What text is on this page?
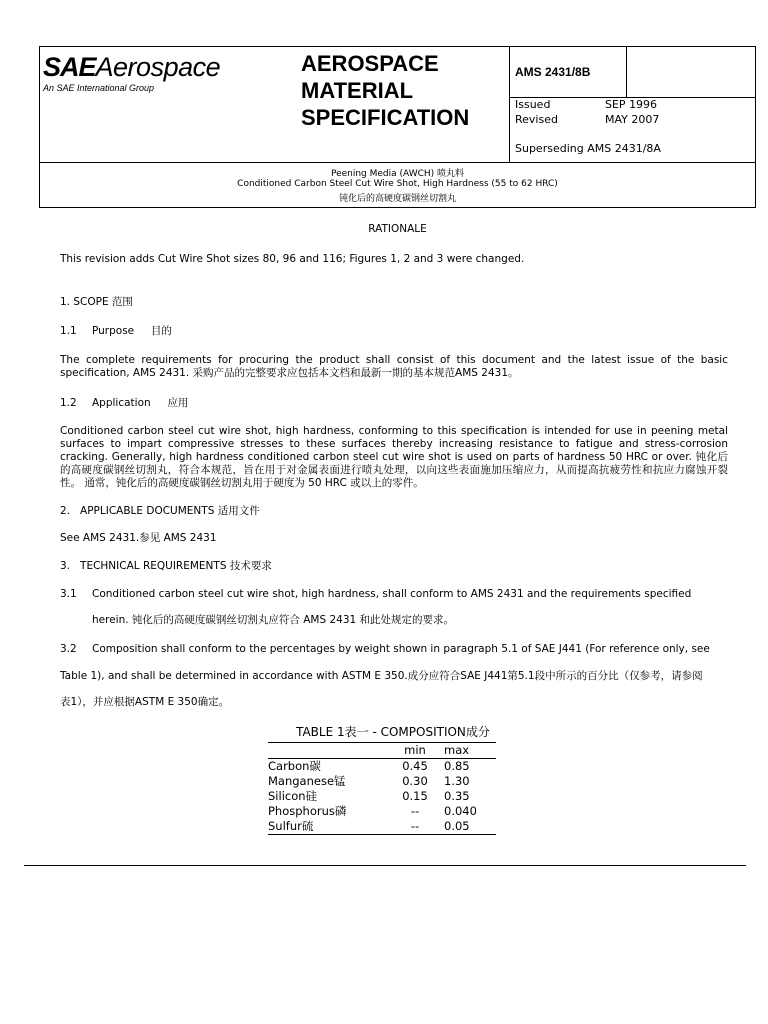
SAEAerospace
An SAE International Group
AEROSPACE
MATERIAL
SPECIFICATION
AMS 2431/8B
Issued	SEP 1996
Revised	MAY 2007
Superseding AMS 2431/8A
Peening Media (AWCH) 喷丸料
Conditioned Carbon Steel Cut Wire Shot, High Hardness (55 to 62 HRC)
钝化后的高硬度碳钢丝切割丸
RATIONALE
This revision adds Cut Wire Shot sizes 80, 96 and 116; Figures 1, 2 and 3 were changed.
1. SCOPE 范围
1.1 Purpose     目的
The complete requirements for procuring the product shall consist of this document and the latest issue of the basic specification, AMS 2431. 采购产品的完整要求应包括本文档和最新一期的基本规范AMS 2431。
1.2 Application     应用
Conditioned carbon steel cut wire shot, high hardness, conforming to this specification is intended for use in peening metal surfaces to impart compressive stresses to these surfaces thereby increasing resistance to fatigue and stress-corrosion cracking. Generally, high hardness conditioned carbon steel cut wire shot is used on parts of hardness 50 HRC or over. 钝化后的高硬度碳钢丝切割丸，符合本规范，旨在用于对金属表面进行喷丸处理，以向这些表面施加压缩应力，从而提高抗疲劳性和抗应力腐蚀开裂性。 通常，钝化后的高硬度碳钢丝切割丸用于硬度为 50 HRC 或以上的零件。
2.   APPLICABLE DOCUMENTS 适用文件
See AMS 2431.参见 AMS 2431
3.   TECHNICAL REQUIREMENTS 技术要求
3.1 Conditioned carbon steel cut wire shot, high hardness, shall conform to AMS 2431 and the requirements specified
herein. 钝化后的高硬度碳钢丝切割丸应符合 AMS 2431 和此处规定的要求。
3.2 Composition shall conform to the percentages by weight shown in paragraph 5.1 of SAE J441 (For reference only, see
Table 1), and shall be determined in accordance with ASTM E 350.成分应符合SAE J441第5.1段中所示的百分比（仅参考，请参阅
表1），并应根据ASTM E 350确定。
TABLE 1表一 - COMPOSITION成分
	min	max
Carbon碳	0.45	0.85
Manganese锰	0.30	1.30
Silicon硅	0.15	0.35
Phosphorus磷	--	0.040
Sulfur硫	--	0.05
